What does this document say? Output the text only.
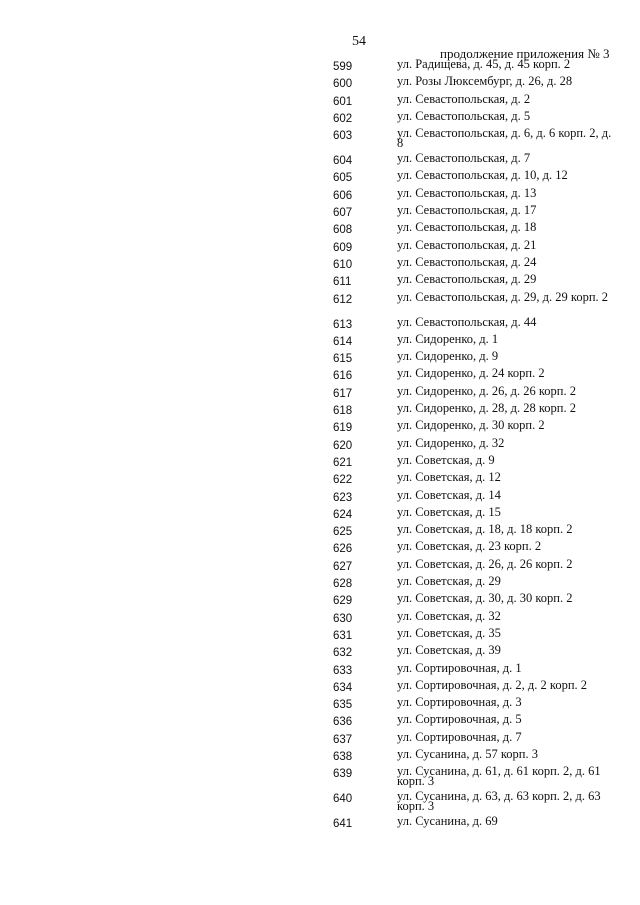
54
продолжение приложения № 3
599	ул. Радищева, д. 45, д. 45 корп. 2
600	ул. Розы Люксембург, д. 26, д. 28
601	ул. Севастопольская, д. 2
602	ул. Севастопольская, д. 5
603	ул. Севастопольская, д. 6, д. 6 корп. 2, д. 8
604	ул. Севастопольская, д. 7
605	ул. Севастопольская, д. 10, д. 12
606	ул. Севастопольская, д. 13
607	ул. Севастопольская, д. 17
608	ул. Севастопольская, д. 18
609	ул. Севастопольская, д. 21
610	ул. Севастопольская, д. 24
611	ул. Севастопольская, д. 29
612	ул. Севастопольская, д. 29, д. 29 корп. 2
613	ул. Севастопольская, д. 44
614	ул. Сидоренко, д. 1
615	ул. Сидоренко, д. 9
616	ул. Сидоренко, д. 24 корп. 2
617	ул. Сидоренко, д. 26, д. 26 корп. 2
618	ул. Сидоренко, д. 28, д. 28 корп. 2
619	ул. Сидоренко, д. 30 корп. 2
620	ул. Сидоренко, д. 32
621	ул. Советская, д. 9
622	ул. Советская, д. 12
623	ул. Советская, д. 14
624	ул. Советская, д. 15
625	ул. Советская, д. 18, д. 18 корп. 2
626	ул. Советская, д. 23 корп. 2
627	ул. Советская, д. 26, д. 26 корп. 2
628	ул. Советская, д. 29
629	ул. Советская, д. 30, д. 30 корп. 2
630	ул. Советская, д. 32
631	ул. Советская, д. 35
632	ул. Советская, д. 39
633	ул. Сортировочная, д. 1
634	ул. Сортировочная, д. 2, д. 2 корп. 2
635	ул. Сортировочная, д. 3
636	ул. Сортировочная, д. 5
637	ул. Сортировочная, д. 7
638	ул. Сусанина, д. 57 корп. 3
639	ул. Сусанина, д. 61, д. 61 корп. 2, д. 61 корп. 3
640	ул. Сусанина, д. 63, д. 63 корп. 2, д. 63 корп. 3
641	ул. Сусанина, д. 69
